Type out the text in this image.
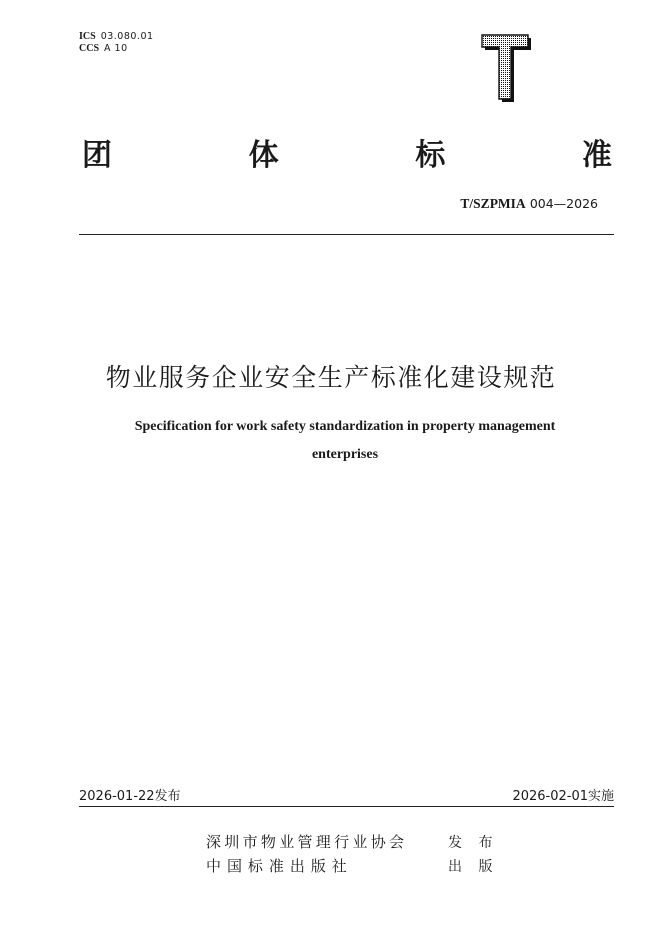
ICS 03.080.01
CCS A 10
团	体	标	准
T/SZPMIA 004—2026
物业服务企业安全生产标准化建设规范
Specification for work safety standardization in property management
enterprises
2026-01-22发布	2026-02-01实施
深圳市物业管理行业协会	发 布
中 国 标 准 出 版 社	出 版
